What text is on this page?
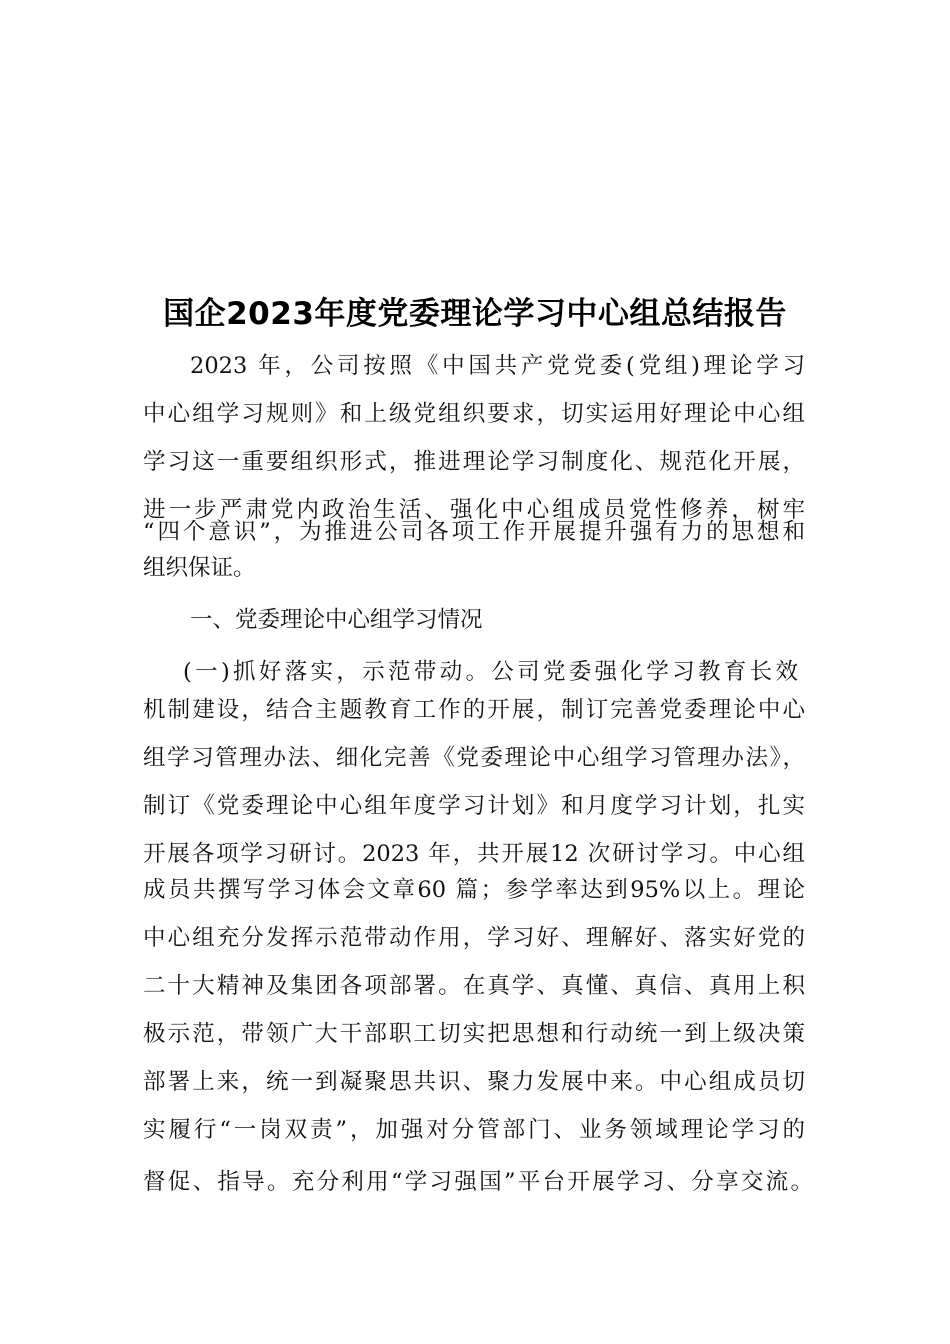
国企2023年度党委理论学习中心组总结报告
2023 年，公司按照《中国共产党党委(党组)理论学习
中心组学习规则》和上级党组织要求，切实运用好理论中心组
学习这一重要组织形式，推进理论学习制度化、规范化开展，
进一步严肃党内政治生活、强化中心组成员党性修养，树牢
“四个意识”，为推进公司各项工作开展提升强有力的思想和
组织保证。
一、党委理论中心组学习情况
(一)抓好落实，示范带动。公司党委强化学习教育长效
机制建设，结合主题教育工作的开展，制订完善党委理论中心
组学习管理办法、细化完善《党委理论中心组学习管理办法》，
制订《党委理论中心组年度学习计划》和月度学习计划，扎实
开展各项学习研讨。2023 年，共开展12 次研讨学习。中心组
成员共撰写学习体会文章60 篇；参学率达到95%以上。理论
中心组充分发挥示范带动作用，学习好、理解好、落实好党的
二十大精神及集团各项部署。在真学、真懂、真信、真用上积
极示范，带领广大干部职工切实把思想和行动统一到上级决策
部署上来，统一到凝聚思共识、聚力发展中来。中心组成员切
实履行“一岗双责”，加强对分管部门、业务领域理论学习的
督促、指导。充分利用“学习强国”平台开展学习、分享交流。
